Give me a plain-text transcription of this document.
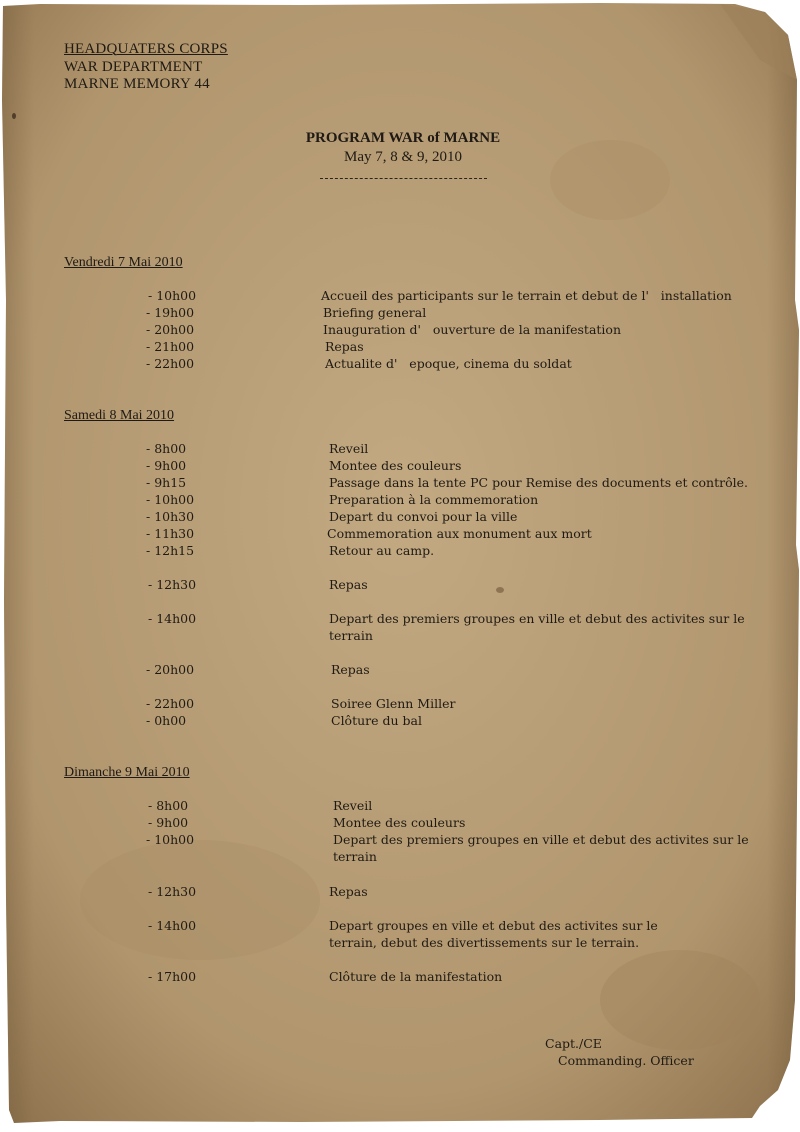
HEADQUATERS CORPS
WAR DEPARTMENT
MARNE MEMORY 44
PROGRAM WAR of MARNE
May 7, 8 & 9, 2010
Vendredi 7 Mai 2010
- 10h00	Accueil des participants sur le terrain et debut de l'   installation
- 19h00	Briefing general
- 20h00	Inauguration d'   ouverture de la manifestation
- 21h00	Repas
- 22h00	Actualite d'   epoque, cinema du soldat
Samedi 8 Mai 2010
- 8h00	Reveil
- 9h00	Montee des couleurs
- 9h15	Passage dans la tente PC pour Remise des documents et contrôle.
- 10h00	Preparation à la commemoration
- 10h30	Depart du convoi pour la ville
- 11h30	Commemoration aux monument aux mort
- 12h15	Retour au camp.
- 12h30	Repas
- 14h00	Depart des premiers groupes en ville et debut des activites sur le
terrain
- 20h00	Repas
- 22h00	Soiree Glenn Miller
- 0h00	Clôture du bal
Dimanche 9 Mai 2010
- 8h00	Reveil
- 9h00	Montee des couleurs
- 10h00	Depart des premiers groupes en ville et debut des activites sur le
terrain
- 12h30	Repas
- 14h00	Depart groupes en ville et debut des activites sur le
terrain, debut des divertissements sur le terrain.
- 17h00	Clôture de la manifestation
Capt./CE
Commanding. Officer
